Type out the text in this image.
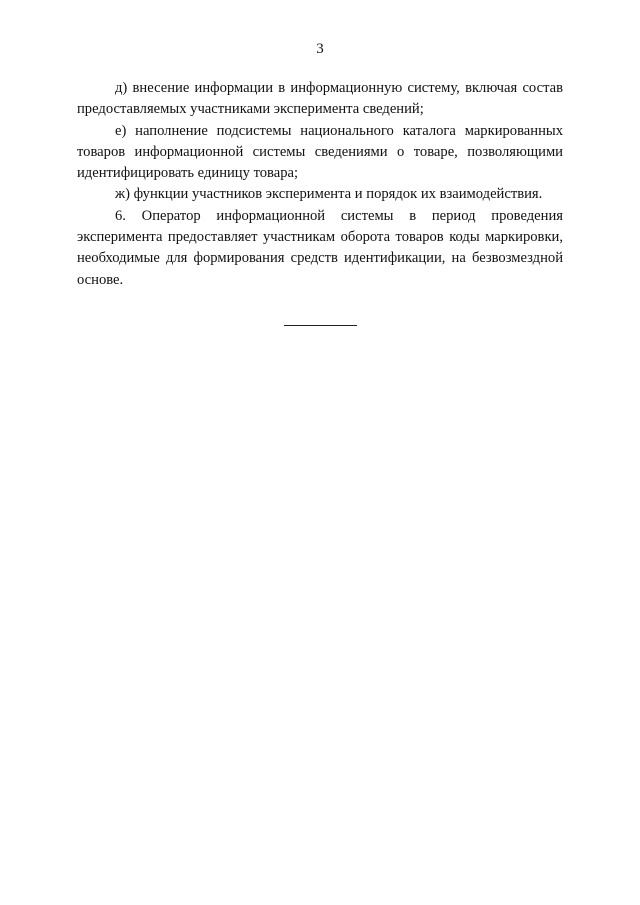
3

д) внесение информации в информационную систему, включая состав предоставляемых участниками эксперимента сведений;

е) наполнение подсистемы национального каталога маркированных товаров информационной системы сведениями о товаре, позволяющими идентифицировать единицу товара;

ж) функции участников эксперимента и порядок их взаимодействия.

6. Оператор информационной системы в период проведения эксперимента предоставляет участникам оборота товаров коды маркировки, необходимые для формирования средств идентификации, на безвозмездной основе.
